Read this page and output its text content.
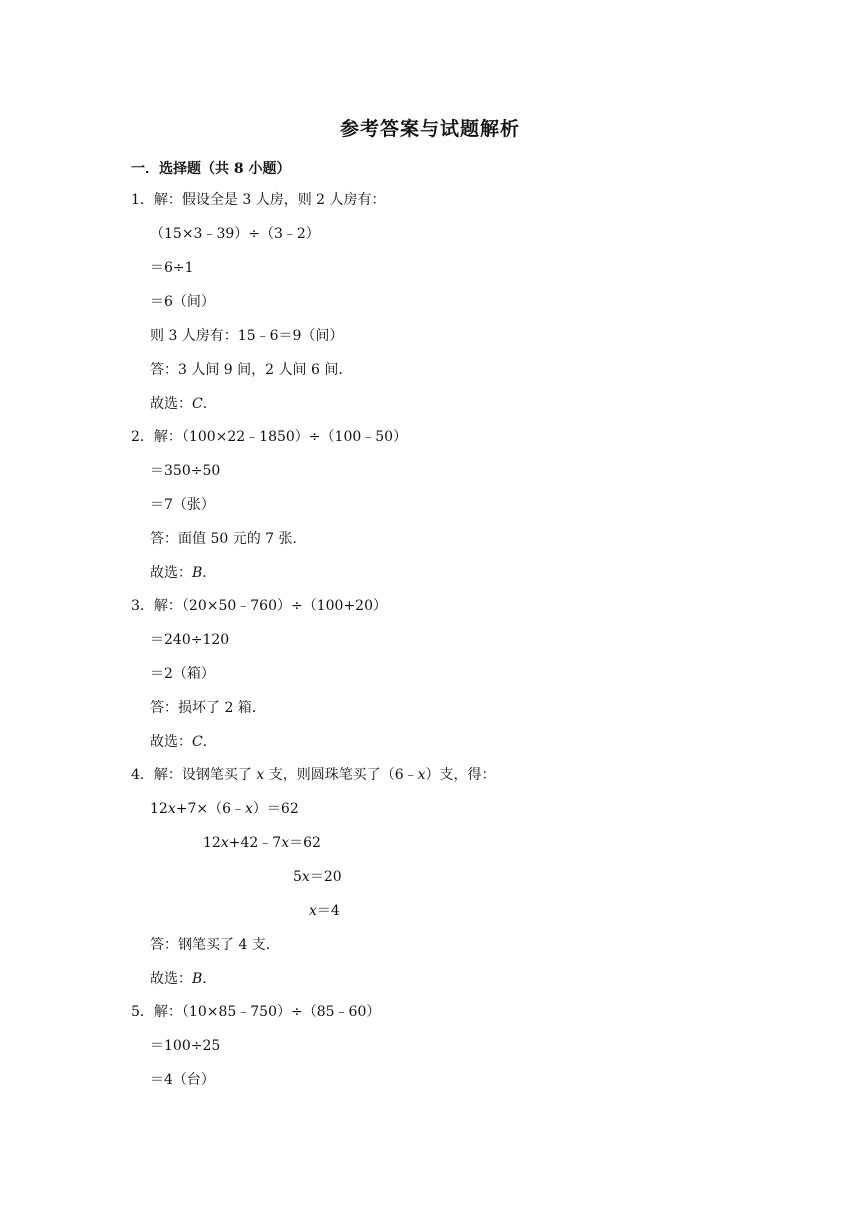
参考答案与试题解析
一．选择题（共 8 小题）
1．解：假设全是 3 人房，则 2 人房有：
（15×3﹣39）÷（3﹣2）
＝6÷1
＝6（间）
则 3 人房有：15﹣6＝9（间）
答：3 人间 9 间，2 人间 6 间．
故选：C．
2．解：（100×22﹣1850）÷（100﹣50）
＝350÷50
＝7（张）
答：面值 50 元的 7 张．
故选：B．
3．解：（20×50﹣760）÷（100+20）
＝240÷120
＝2（箱）
答：损坏了 2 箱．
故选：C．
4．解：设钢笔买了 x 支，则圆珠笔买了（6﹣x）支，得：
12x+7×（6﹣x）＝62
12x+42﹣7x＝62
5x＝20
x＝4
答：钢笔买了 4 支．
故选：B．
5．解：（10×85﹣750）÷（85﹣60）
＝100÷25
＝4（台）
